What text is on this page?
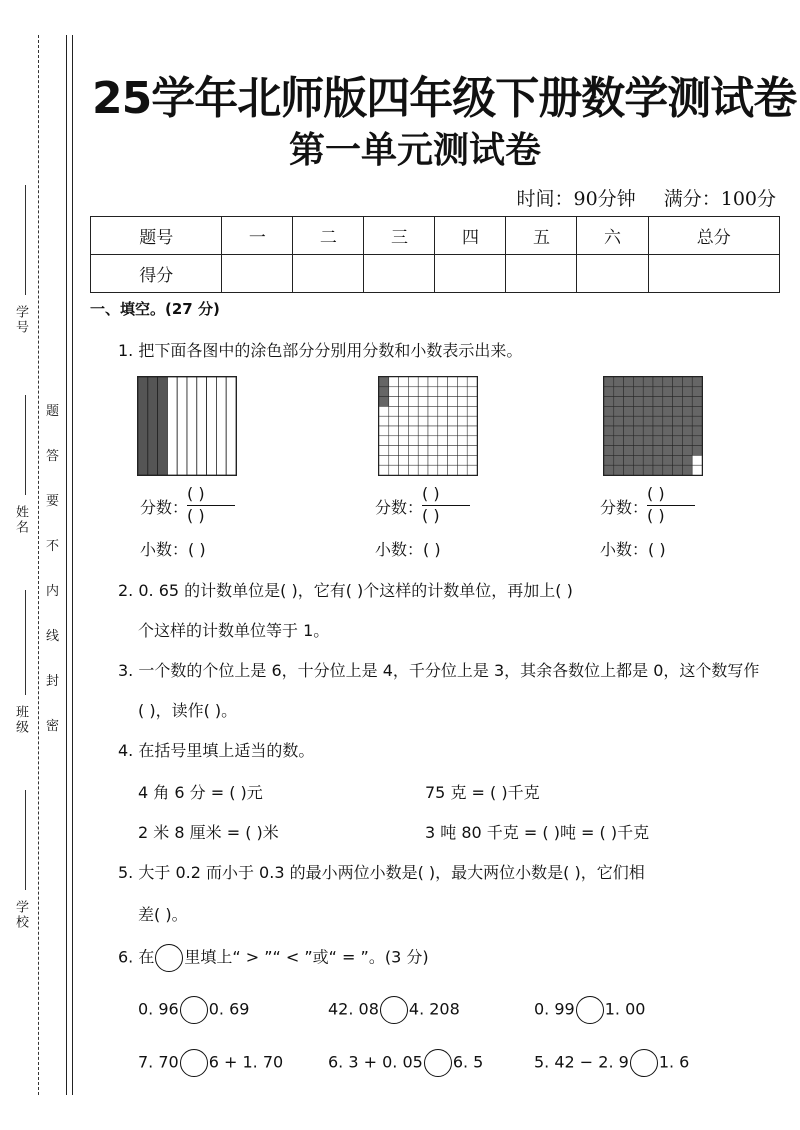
学号
姓名
班级
学校
题
答
要
不
内
线
封
密
25学年北师版四年级下册数学测试卷
第一单元测试卷
时间：90分钟 满分：100分
题号	一	二	三	四	五	六	总分
得分							
一、填空。(27 分)
1. 把下面各图中的涂色部分分别用分数和小数表示出来。
分数：
( )
( )	分数：
( )
( )	分数：
( )
( )
小数：( )	小数：( )	小数：( )
2. 0. 65 的计数单位是( )，它有( )个这样的计数单位，再加上( )
个这样的计数单位等于 1。
3. 一个数的个位上是 6，十分位上是 4，千分位上是 3，其余各数位上都是 0，这个数写作
( )，读作( )。
4. 在括号里填上适当的数。
4 角 6 分 = ( )元	75 克 = ( )千克
2 米 8 厘米 = ( )米	3 吨 80 千克 = ( )吨 = ( )千克
5. 大于 0.2 而小于 0.3 的最小两位小数是( )，最大两位小数是( )，它们相
差( )。
6. 在 里填上“ > ”“ < ”或“ = ”。(3 分)
0. 96 0. 69	42. 08 4. 208	0. 99 1. 00
7. 70 6 + 1. 70	6. 3 + 0. 05 6. 5	5. 42 − 2. 9 1. 6
